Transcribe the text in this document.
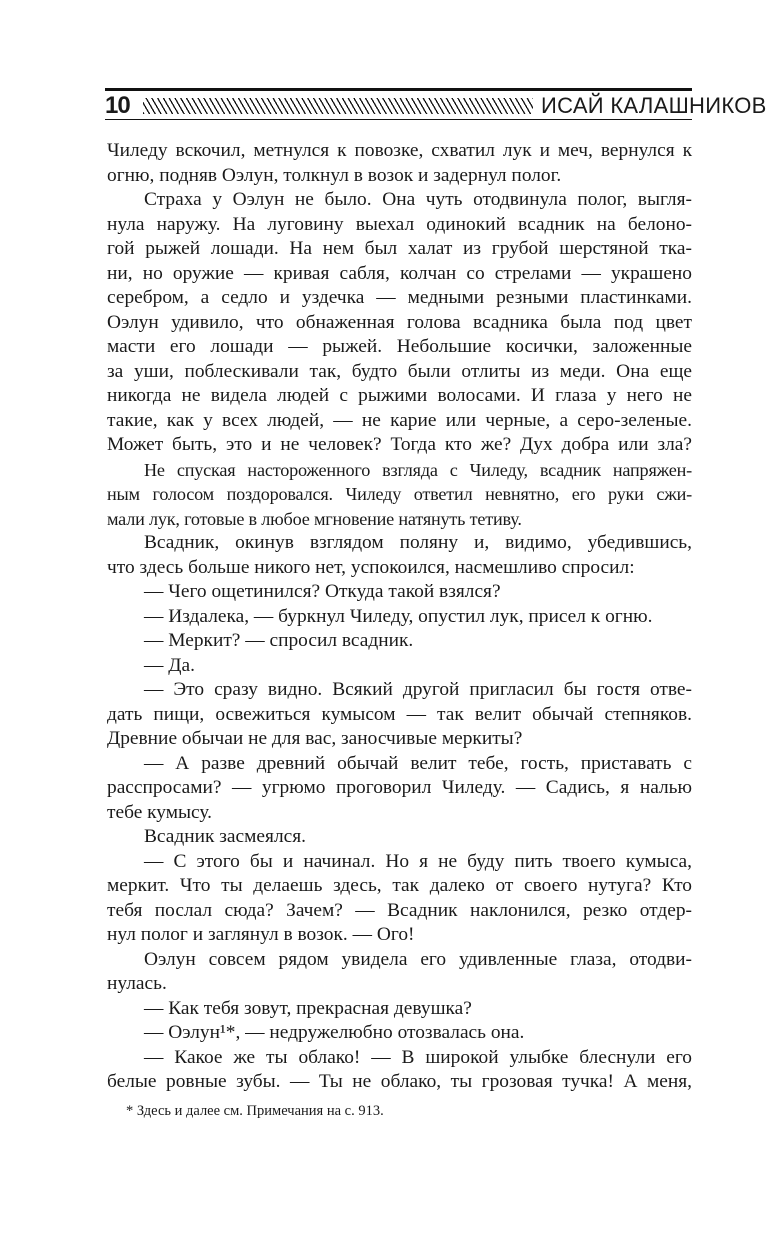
10	ИСАЙ КАЛАШНИКОВ

Чиледу вскочил, метнулся к повозке, схватил лук и меч, вернулся к
огню, подняв Оэлун, толкнул в возок и задернул полог.

Страха у Оэлун не было. Она чуть отодвинула полог, выгля-
нула наружу. На луговину выехал одинокий всадник на белоно-
гой рыжей лошади. На нем был халат из грубой шерстяной тка-
ни, но оружие — кривая сабля, колчан со стрелами — украшено
серебром, а седло и уздечка — медными резными пластинками.
Оэлун удивило, что обнаженная голова всадника была под цвет
масти его лошади — рыжей. Небольшие косички, заложенные
за уши, поблескивали так, будто были отлиты из меди. Она еще
никогда не видела людей с рыжими волосами. И глаза у него не
такие, как у всех людей, — не карие или черные, а серо-зеленые.
Может быть, это и не человек? Тогда кто же? Дух добра или зла?

Не спуская настороженного взгляда с Чиледу, всадник напряжен-
ным голосом поздоровался. Чиледу ответил невнятно, его руки сжи-
мали лук, готовые в любое мгновение натянуть тетиву.

Всадник, окинув взглядом поляну и, видимо, убедившись,
что здесь больше никого нет, успокоился, насмешливо спросил:

— Чего ощетинился? Откуда такой взялся?

— Издалека, — буркнул Чиледу, опустил лук, присел к огню.

— Меркит? — спросил всадник.

— Да.

— Это сразу видно. Всякий другой пригласил бы гостя отве-
дать пищи, освежиться кумысом — так велит обычай степняков.
Древние обычаи не для вас, заносчивые меркиты?

— А разве древний обычай велит тебе, гость, приставать с
расспросами? — угрюмо проговорил Чиледу. — Садись, я налью
тебе кумысу.

Всадник засмеялся.

— С этого бы и начинал. Но я не буду пить твоего кумыса,
меркит. Что ты делаешь здесь, так далеко от своего нутуга? Кто
тебя послал сюда? Зачем? — Всадник наклонился, резко отдер-
нул полог и заглянул в возок. — Ого!

Оэлун совсем рядом увидела его удивленные глаза, отодви-
нулась.

— Как тебя зовут, прекрасная девушка?

— Оэлун¹*, — недружелюбно отозвалась она.

— Какое же ты облако! — В широкой улыбке блеснули его
белые ровные зубы. — Ты не облако, ты грозовая тучка! А меня,

* Здесь и далее см. Примечания на с. 913.
